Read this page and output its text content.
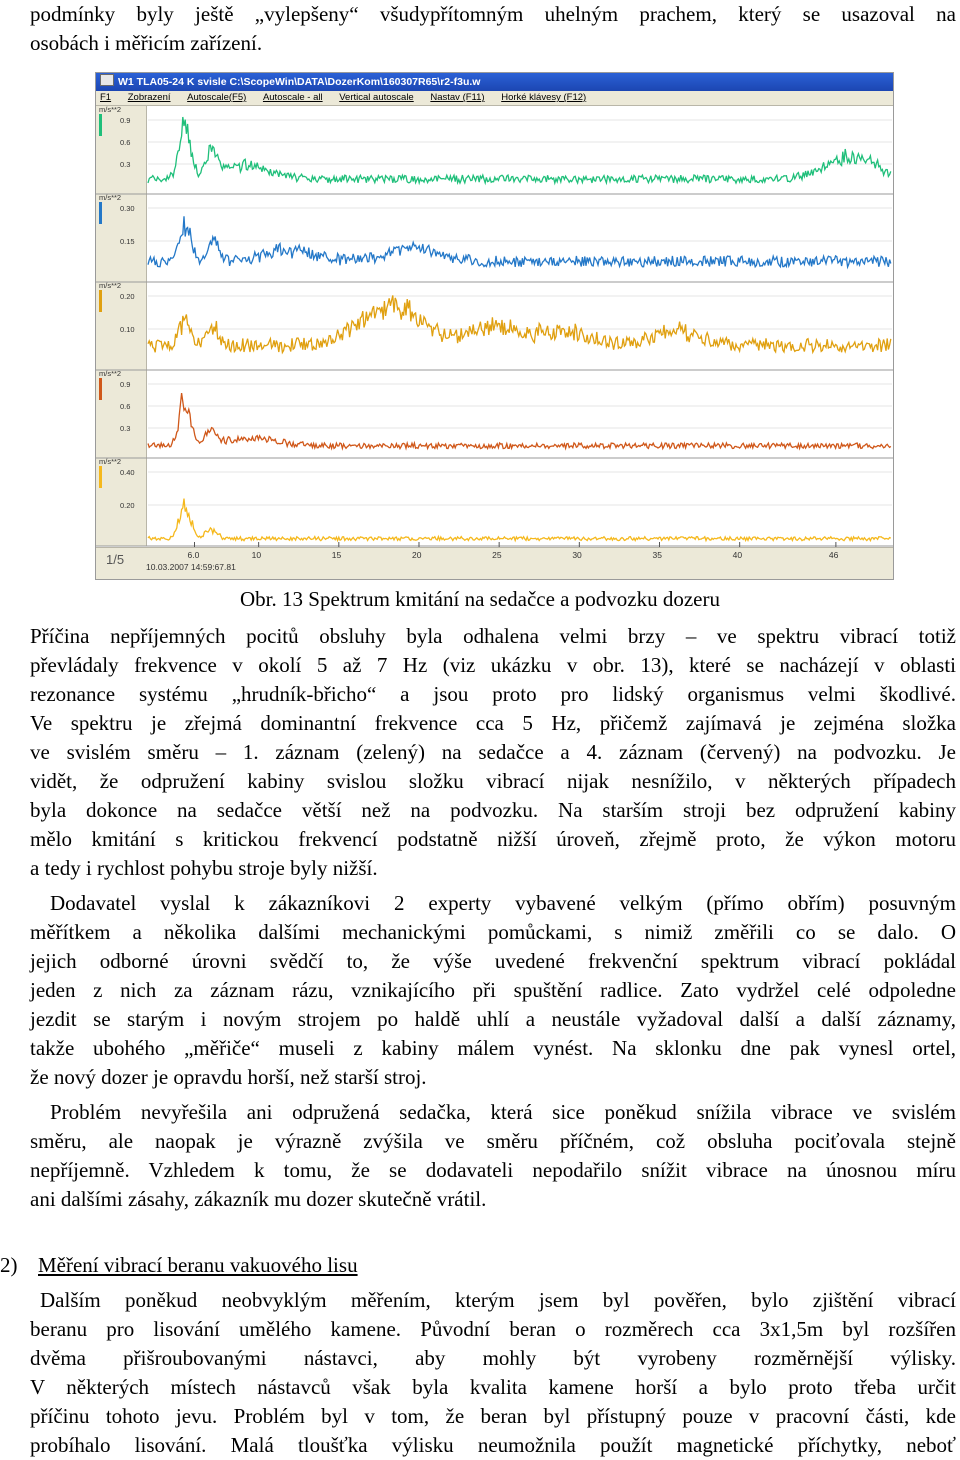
podmínky byly ještě „vylepšeny“ všudypřítomným uhelným prachem, který se usazoval na
osobách i měřicím zařízení.
W1 TLA05-24 K svisle C:\ScopeWin\DATA\DozerKom\160307R65\r2-f3u.w
F1 Zobrazení Autoscale(F5) Autoscale - all Vertical autoscale Nastav (F11) Horké klávesy (F12)
m/s**2
0.9
0.6
0.3
m/s**2
0.30
0.15
m/s**2
0.20
0.10
m/s**2
0.9
0.6
0.3
m/s**2
0.40
0.20
1/5	10.03.2007 14:59:67.81
6.0	10	15	20	25	30	35	40	46
Obr. 13 Spektrum kmitání na sedačce a podvozku dozeru
Příčina nepříjemných pocitů obsluhy byla odhalena velmi brzy – ve spektru vibrací totiž
převládaly frekvence v okolí 5 až 7 Hz (viz ukázku v obr. 13), které se nacházejí v oblasti
rezonance systému „hrudník-břicho“ a jsou proto pro lidský organismus velmi škodlivé.
Ve spektru je zřejmá dominantní frekvence cca 5 Hz, přičemž zajímavá je zejména složka
ve svislém směru – 1. záznam (zelený) na sedačce a 4. záznam (červený) na podvozku. Je
vidět, že odpružení kabiny svislou složku vibrací nijak nesnížilo, v některých případech
byla dokonce na sedačce větší než na podvozku. Na starším stroji bez odpružení kabiny
mělo kmitání s kritickou frekvencí podstatně nižší úroveň, zřejmě proto, že výkon motoru
a tedy i rychlost pohybu stroje byly nižší.
Dodavatel vyslal k zákazníkovi 2 experty vybavené velkým (přímo obřím) posuvným
měřítkem a několika dalšími mechanickými pomůckami, s nimiž změřili co se dalo. O
jejich odborné úrovni svědčí to, že výše uvedené frekvenční spektrum vibrací pokládal
jeden z nich za záznam rázu, vznikajícího při spuštění radlice. Zato vydržel celé odpoledne
jezdit se starým i novým strojem po haldě uhlí a neustále vyžadoval další a další záznamy,
takže ubohého „měřiče“ museli z kabiny málem vynést. Na sklonku dne pak vynesl ortel,
že nový dozer je opravdu horší, než starší stroj.
Problém nevyřešila ani odpružená sedačka, která sice poněkud snížila vibrace ve svislém
směru, ale naopak je výrazně zvýšila ve směru příčném, což obsluha pociťovala stejně
nepříjemně. Vzhledem k tomu, že se dodavateli nepodařilo snížit vibrace na únosnou míru
ani dalšími zásahy, zákazník mu dozer skutečně vrátil.
2) Měření vibrací beranu vakuového lisu
Dalším poněkud neobvyklým měřením, kterým jsem byl pověřen, bylo zjištění vibrací
beranu pro lisování umělého kamene. Původní beran o rozměrech cca 3x1,5m byl rozšířen
dvěma přišroubovanými nástavci, aby mohly být vyrobeny rozměrnější výlisky.
V některých místech nástavců však byla kvalita kamene horší a bylo proto třeba určit
příčinu tohoto jevu. Problém byl v tom, že beran byl přístupný pouze v pracovní části, kde
probíhalo lisování. Malá tloušťka výlisku neumožnila použít magnetické příchytky, neboť
